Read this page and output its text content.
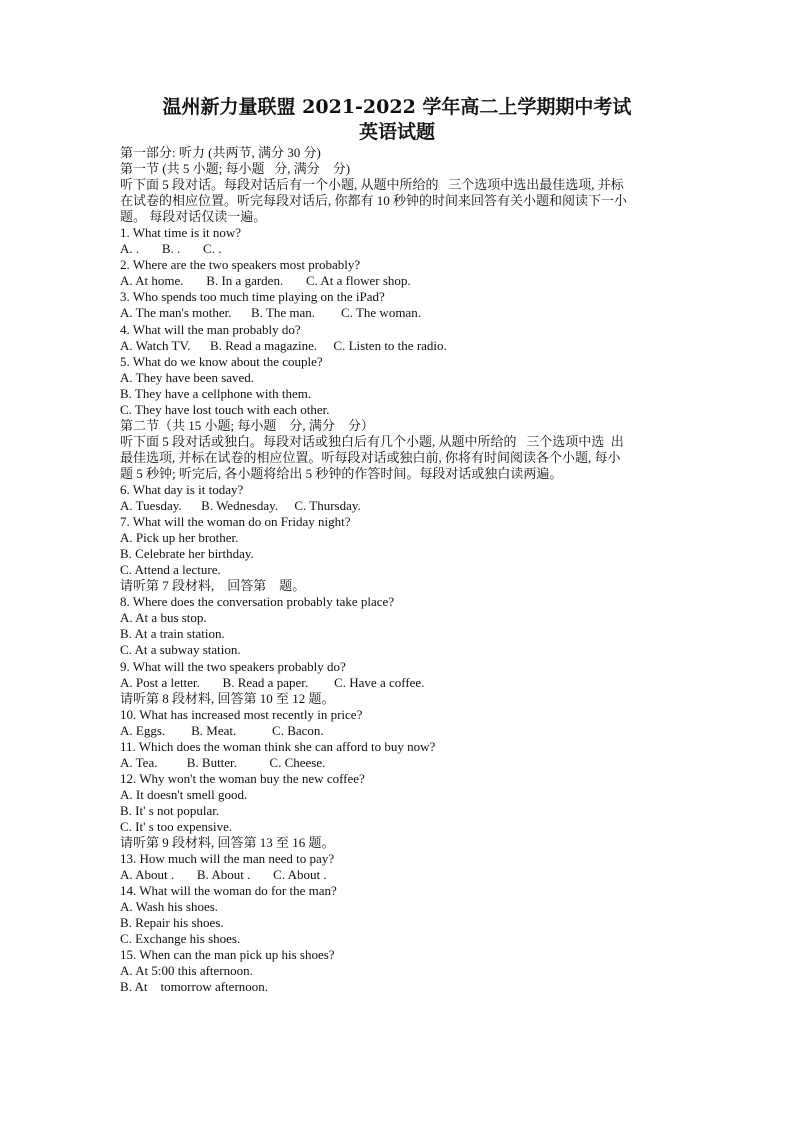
温州新力量联盟 2021-2022 学年高二上学期期中考试
英语试题
第一部分: 听力 (共两节, 满分 30 分)
第一节 (共 5 小题; 每小题   分, 满分    分)
听下面 5 段对话。每段对话后有一个小题, 从题中所给的   三个选项中选出最佳选项, 并标
在试卷的相应位置。听完每段对话后, 你都有 10 秒钟的时间来回答有关小题和阅读下一小
题。 每段对话仅读一遍。
1. What time is it now?
A. .       B. .       C. .
2. Where are the two speakers most probably?
A. At home.       B. In a garden.       C. At a flower shop.
3. Who spends too much time playing on the iPad?
A. The man's mother.      B. The man.        C. The woman.
4. What will the man probably do?
A. Watch TV.      B. Read a magazine.     C. Listen to the radio.
5. What do we know about the couple?
A. They have been saved.
B. They have a cellphone with them.
C. They have lost touch with each other.
第二节（共 15 小题; 每小题    分, 满分    分）
听下面 5 段对话或独白。每段对话或独白后有几个小题, 从题中所给的   三个选项中选  出
最佳选项, 并标在试卷的相应位置。听每段对话或独白前, 你将有时间阅读各个小题, 每小
题 5 秒钟; 听完后, 各小题将给出 5 秒钟的作答时间。每段对话或独白读两遍。
6. What day is it today?
A. Tuesday.      B. Wednesday.     C. Thursday.
7. What will the woman do on Friday night?
A. Pick up her brother.
B. Celebrate her birthday.
C. Attend a lecture.
请听第 7 段材料,    回答第    题。
8. Where does the conversation probably take place?
A. At a bus stop.
B. At a train station.
C. At a subway station.
9. What will the two speakers probably do?
A. Post a letter.       B. Read a paper.        C. Have a coffee.
请听第 8 段材料, 回答第 10 至 12 题。
10. What has increased most recently in price?
A. Eggs.        B. Meat.           C. Bacon.
11. Which does the woman think she can afford to buy now?
A. Tea.         B. Butter.          C. Cheese.
12. Why won't the woman buy the new coffee?
A. It doesn't smell good.
B. It' s not popular.
C. It' s too expensive.
请听第 9 段材料, 回答第 13 至 16 题。
13. How much will the man need to pay?
A. About .       B. About .       C. About .
14. What will the woman do for the man?
A. Wash his shoes.
B. Repair his shoes.
C. Exchange his shoes.
15. When can the man pick up his shoes?
A. At 5:00 this afternoon.
B. At    tomorrow afternoon.
